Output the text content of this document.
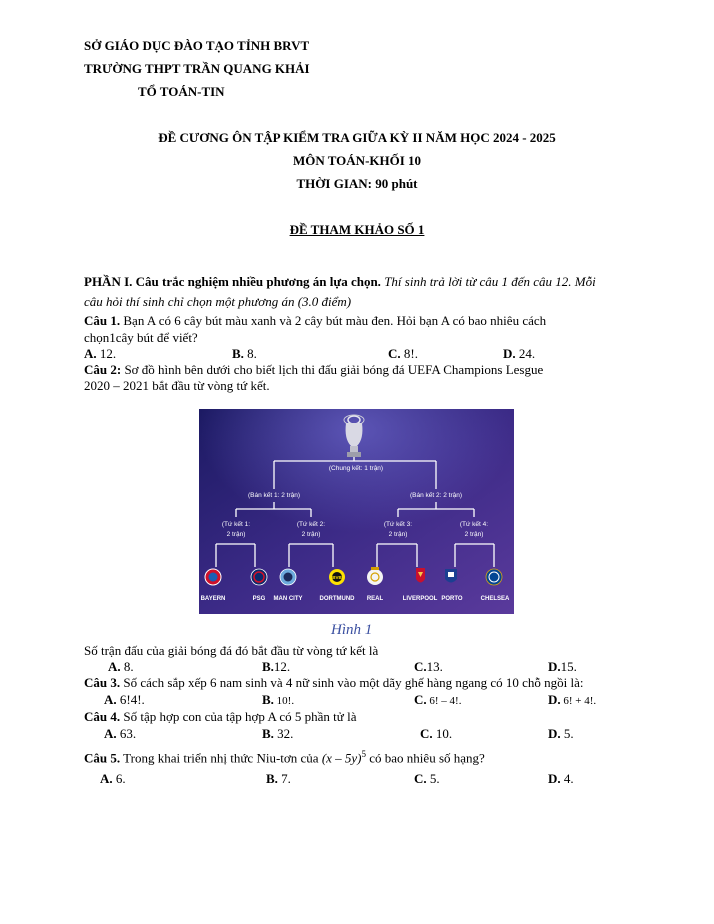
SỞ GIÁO DỤC ĐÀO TẠO TỈNH BRVT
TRƯỜNG THPT TRẦN QUANG KHẢI
TỔ TOÁN-TIN
ĐỀ CƯƠNG ÔN TẬP KIỂM TRA GIỮA KỲ II NĂM HỌC 2024 - 2025
MÔN TOÁN-KHỐI 10
THỜI GIAN: 90 phút
ĐỀ THAM KHẢO SỐ 1
PHẦN I. Câu trắc nghiệm nhiều phương án lựa chọn. Thí sinh trả lời từ câu 1 đến câu 12. Mỗi
câu hỏi thí sinh chỉ chọn một phương án (3.0 điểm)
Câu 1. Bạn A có 6 cây bút màu xanh và 2 cây bút màu đen. Hỏi bạn A có bao nhiêu cách
chọn1cây bút để viết?
A. 12.	B. 8.	C. 8!.	D. 24.
Câu 2: Sơ đồ hình bên dưới cho biết lịch thi đấu giải bóng đá UEFA Champions Lesgue
2020 – 2021 bắt đầu từ vòng tứ kết.
(Chung kết: 1 trận)
(Bán kết 1: 2 trận)	(Bán kết 2: 2 trận)
(Tứ kết 1:
2 trận)
(Tứ kết 2:
2 trận)
(Tứ kết 3:
2 trận)
(Tứ kết 4:
2 trận)
BVB
BAYERN	PSG MAN CITY	DORTMUND REAL	LIVERPOOL PORTO	CHELSEA
Hình 1
Số trận đấu của giải bóng đá đó bắt đầu từ vòng tứ kết là
A. 8.	B.12.	C.13.	D.15.
Câu 3. Số cách sắp xếp 6 nam sinh và 4 nữ sinh vào một dãy ghế hàng ngang có 10 chỗ ngồi là:
A. 6!4!.	B. 10!.	C. 6! – 4!.	D. 6! + 4!.
Câu 4. Số tập hợp con của tập hợp A có 5 phần tử là
A. 63.	B. 32.	C. 10.	D. 5.
Câu 5. Trong khai triển nhị thức Niu-tơn của (x – 5y)$^5$ có bao nhiêu số hạng?
A. 6.	B. 7.	C. 5.	D. 4.
